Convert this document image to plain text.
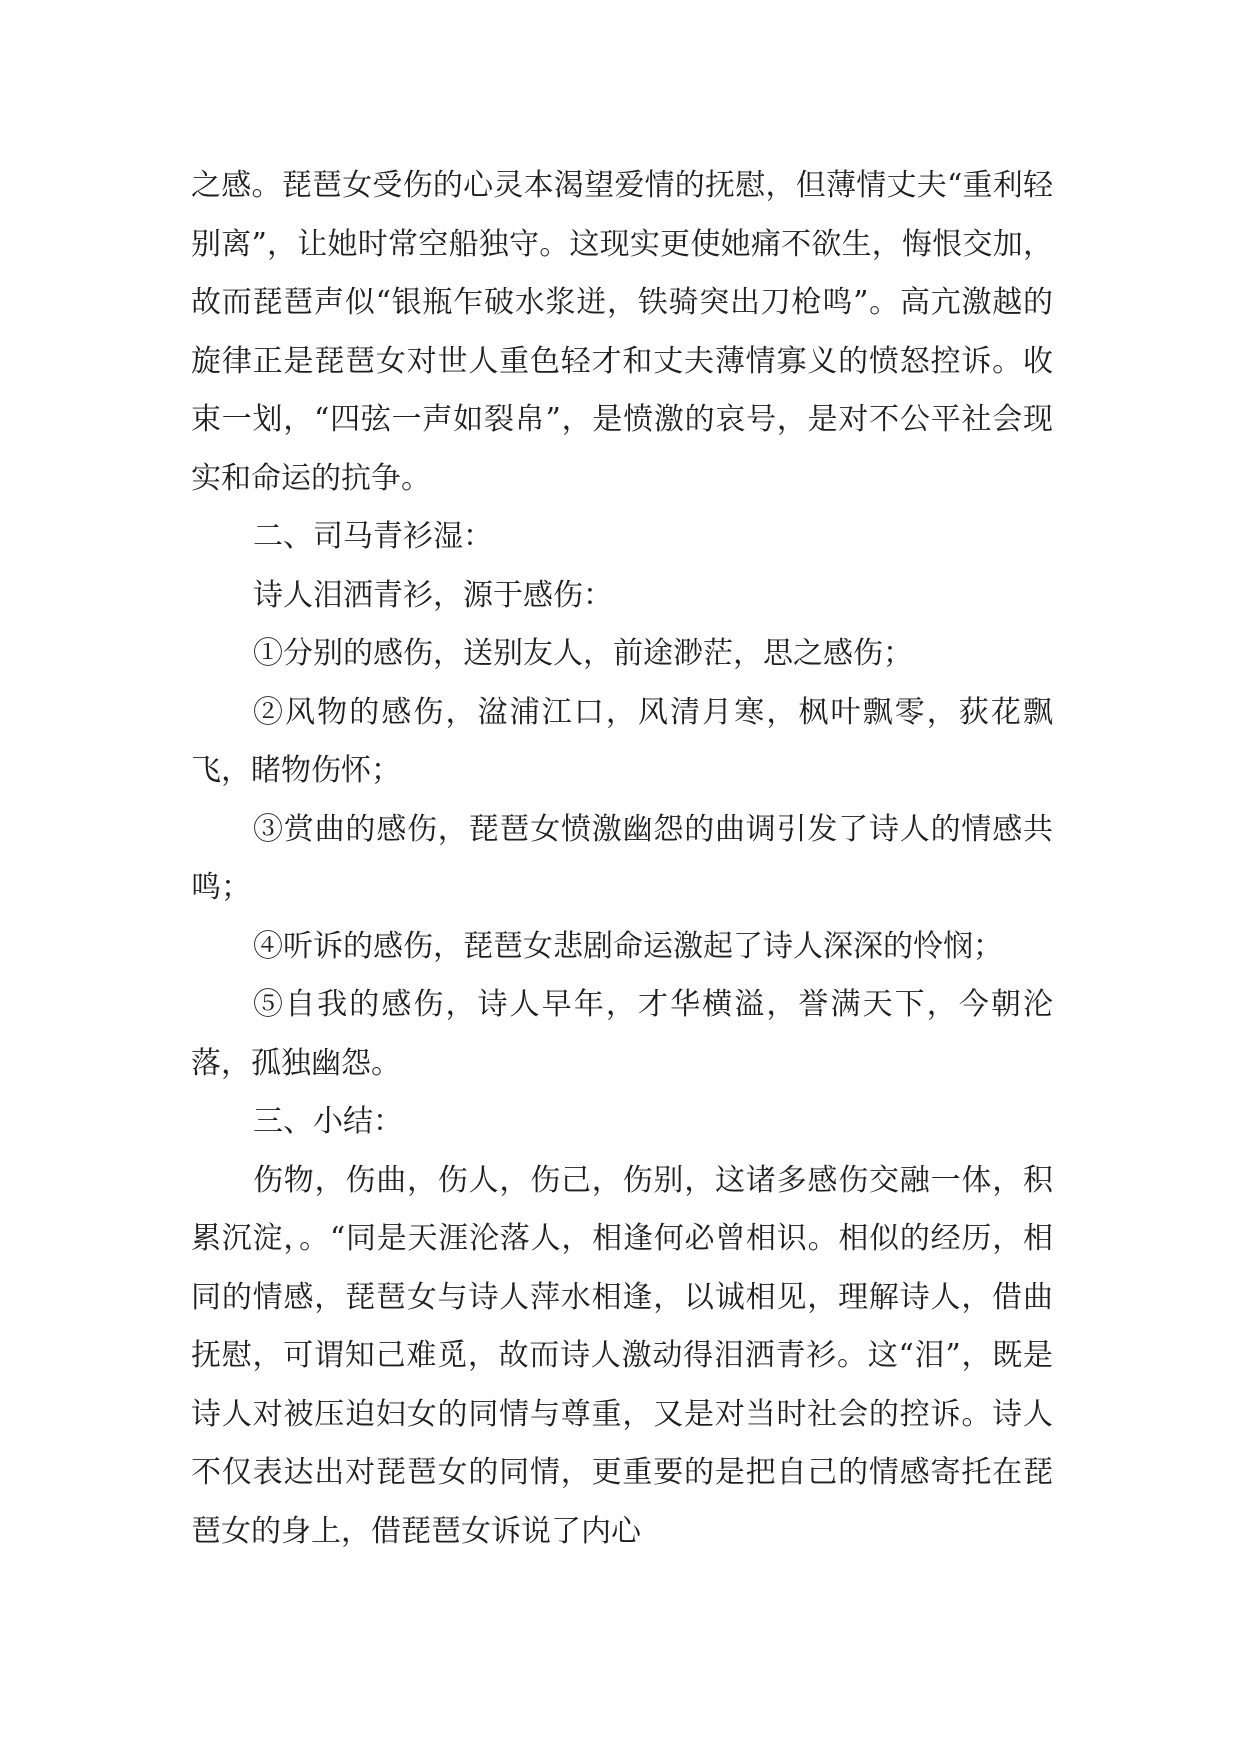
之感。琵琶女受伤的心灵本渴望爱情的抚慰，但薄情丈夫“重利轻别离”，让她时常空船独守。这现实更使她痛不欲生，悔恨交加，故而琵琶声似“银瓶乍破水浆迸，铁骑突出刀枪鸣”。高亢激越的旋律正是琵琶女对世人重色轻才和丈夫薄情寡义的愤怒控诉。收束一划，“四弦一声如裂帛”，是愤激的哀号，是对不公平社会现实和命运的抗争。

二、司马青衫湿：

诗人泪洒青衫，源于感伤：

①分别的感伤，送别友人，前途渺茫，思之感伤；

②风物的感伤，湓浦江口，风清月寒，枫叶飘零，荻花飘飞，睹物伤怀；

③赏曲的感伤，琵琶女愤激幽怨的曲调引发了诗人的情感共鸣；

④听诉的感伤，琵琶女悲剧命运激起了诗人深深的怜悯；

⑤自我的感伤，诗人早年，才华横溢，誉满天下，今朝沦落，孤独幽怨。

三、小结：

伤物，伤曲，伤人，伤己，伤别，这诸多感伤交融一体，积累沉淀，。“同是天涯沦落人，相逢何必曾相识。相似的经历，相同的情感，琵琶女与诗人萍水相逢，以诚相见，理解诗人，借曲抚慰，可谓知己难觅，故而诗人激动得泪洒青衫。这“泪”，既是诗人对被压迫妇女的同情与尊重，又是对当时社会的控诉。诗人不仅表达出对琵琶女的同情，更重要的是把自己的情感寄托在琵琶女的身上，借琵琶女诉说了内心
